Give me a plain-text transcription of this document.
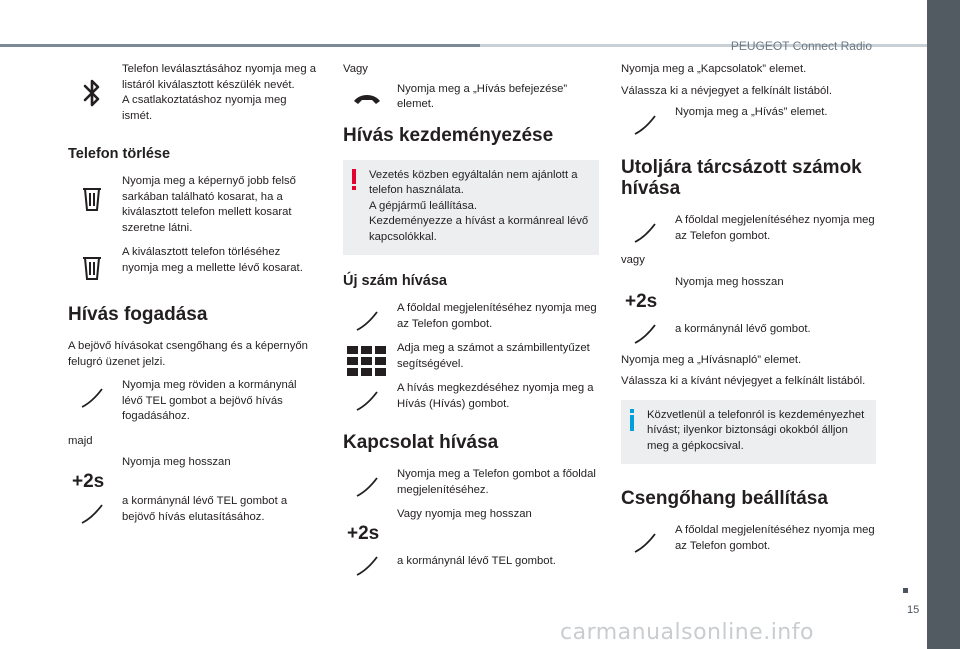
PEUGEOT Connect Radio
15
Telefon leválasztásához nyomja meg a listáról kiválasztott készülék nevét.
A csatlakoztatáshoz nyomja meg ismét.
Telefon törlése
Nyomja meg a képernyő jobb felső sarkában található kosarat, ha a kiválasztott telefon mellett kosarat szeretne látni.
A kiválasztott telefon törléséhez nyomja meg a mellette lévő kosarat.
Hívás fogadása
A bejövő hívásokat csengőhang és a képernyőn felugró üzenet jelzi.
Nyomja meg röviden a kormánynál lévő TEL gombot a bejövő hívás fogadásához.
majd
+2s
Nyomja meg hosszan
a kormánynál lévő TEL gombot a bejövő hívás elutasításához.
Vagy
Nyomja meg a „Hívás befejezése” elemet.
Hívás kezdeményezése
Vezetés közben egyáltalán nem ajánlott a telefon használata.
A gépjármű leállítása.
Kezdeményezze a hívást a kormánreal lévő kapcsolókkal.
Új szám hívása
A főoldal megjelenítéséhez nyomja meg az Telefon gombot.
Adja meg a számot a számbillentyűzet segítségével.
A hívás megkezdéséhez nyomja meg a Hívás (Hívás) gombot.
Kapcsolat hívása
Nyomja meg a Telefon gombot a főoldal megjelenítéséhez.
+2s
Vagy nyomja meg hosszan
a kormánynál lévő TEL gombot.
Nyomja meg a „Kapcsolatok” elemet.
Válassza ki a névjegyet a felkínált listából.
Nyomja meg a „Hívás” elemet.
Utoljára tárcsázott számok hívása
A főoldal megjelenítéséhez nyomja meg az Telefon gombot.
vagy
+2s
Nyomja meg hosszan
a kormánynál lévő gombot.
Nyomja meg a „Hívásnapló” elemet.
Válassza ki a kívánt névjegyet a felkínált listából.
Közvetlenül a telefonról is kezdeményezhet hívást; ilyenkor biztonsági okokból álljon meg a gépkocsival.
Csengőhang beállítása
A főoldal megjelenítéséhez nyomja meg az Telefon gombot.
carmanualsonline.info
